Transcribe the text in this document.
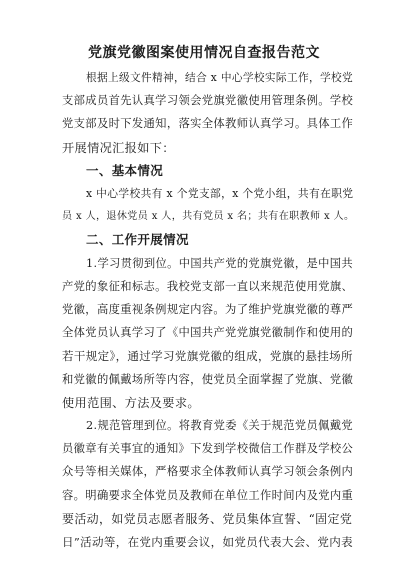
党旗党徽图案使用情况自查报告范文
根据上级文件精神，结合 x 中心学校实际工作，学校党
支部成员首先认真学习领会党旗党徽使用管理条例。学校
党支部及时下发通知，落实全体教师认真学习。具体工作
开展情况汇报如下：
一、基本情况
x 中心学校共有 x 个党支部，x 个党小组，共有在职党
员 x 人，退休党员 x 人，共有党员 x 名；共有在职教师 x 人。
二、工作开展情况
1.学习贯彻到位。中国共产党的党旗党徽，是中国共
产党的象征和标志。我校党支部一直以来规范使用党旗、
党徽，高度重视条例规定内容。为了维护党旗党徽的尊严
全体党员认真学习了《中国共产党党旗党徽制作和使用的
若干规定》，通过学习党旗党徽的组成，党旗的悬挂场所
和党徽的佩戴场所等内容，使党员全面掌握了党旗、党徽
使用范围、方法及要求。
2.规范管理到位。将教育党委《关于规范党员佩戴党
员徽章有关事宜的通知》下发到学校微信工作群及学校公
众号等相关媒体，严格要求全体教师认真学习领会条例内
容。明确要求全体党员及教师在单位工作时间内及党内重
要活动，如党员志愿者服务、党员集体宣誓、“固定党
日”活动等，在党内重要会议，如党员代表大会、党内表
